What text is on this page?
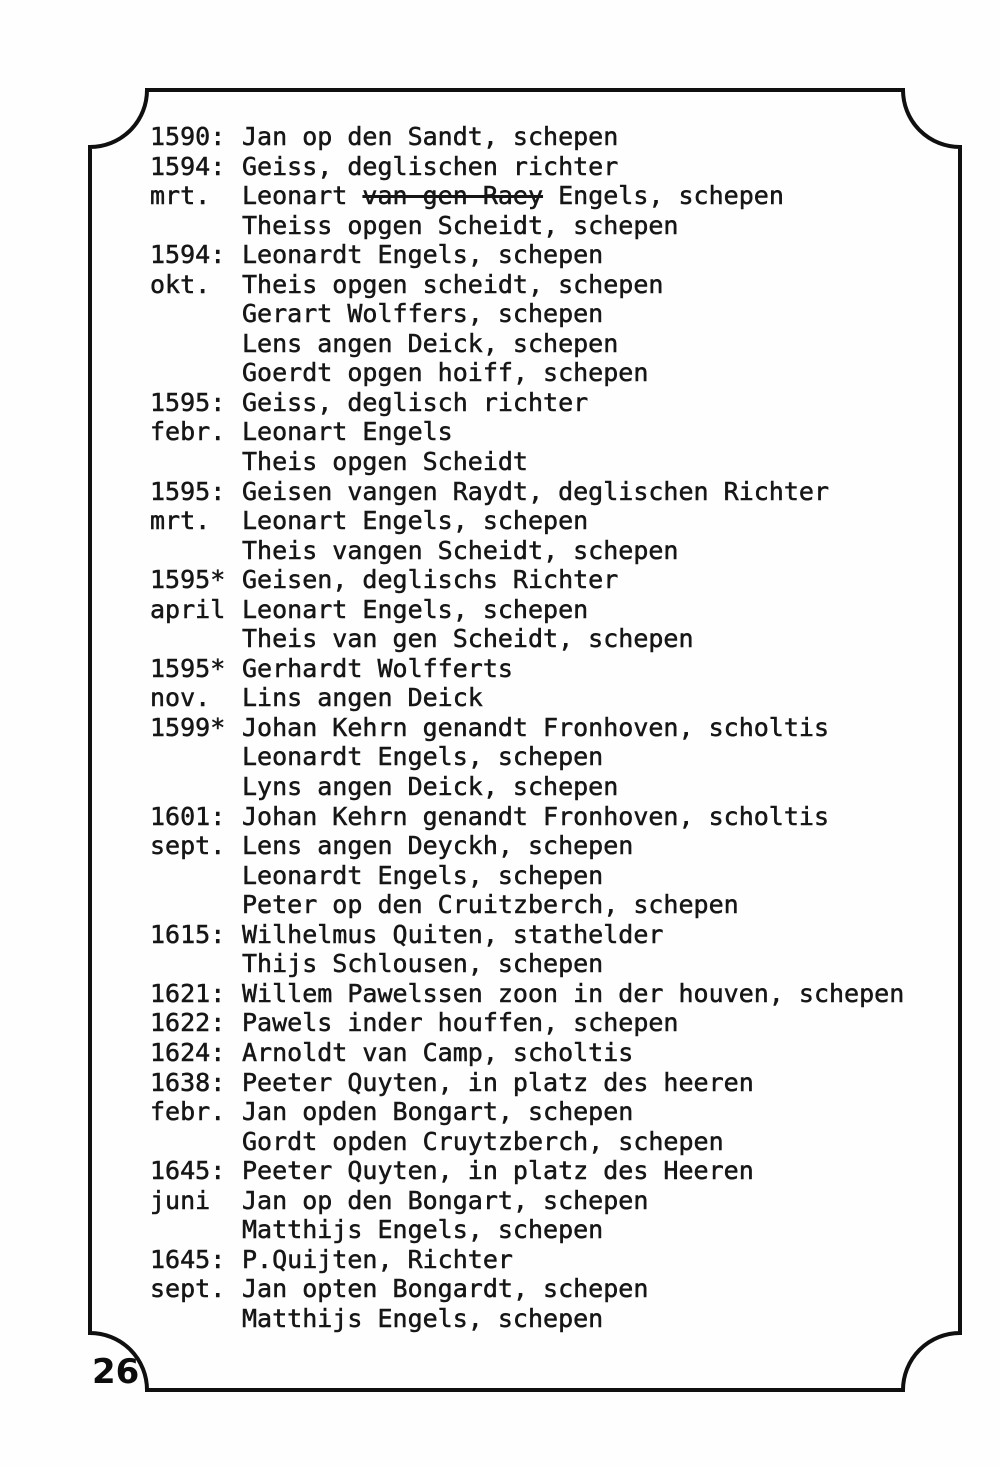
1590: Jan op den Sandt, schepen
1594: Geiss, deglischen richter
mrt.	Leonart van gen Raey Engels, schepen
Theiss opgen Scheidt, schepen
1594: Leonardt Engels, schepen
okt.	Theis opgen scheidt, schepen
Gerart Wolffers, schepen
Lens angen Deick, schepen
Goerdt opgen hoiff, schepen
1595: Geiss, deglisch richter
febr. Leonart Engels
Theis opgen Scheidt
1595: Geisen vangen Raydt, deglischen Richter
mrt.	Leonart Engels, schepen
Theis vangen Scheidt, schepen
1595* Geisen, deglischs Richter
april Leonart Engels, schepen
Theis van gen Scheidt, schepen
1595* Gerhardt Wolfferts
nov.	Lins angen Deick
1599* Johan Kehrn genandt Fronhoven, scholtis
Leonardt Engels, schepen
Lyns angen Deick, schepen
1601: Johan Kehrn genandt Fronhoven, scholtis
sept. Lens angen Deyckh, schepen
Leonardt Engels, schepen
Peter op den Cruitzberch, schepen
1615: Wilhelmus Quiten, stathelder
Thijs Schlousen, schepen
1621: Willem Pawelssen zoon in der houven, schepen
1622: Pawels inder houffen, schepen
1624: Arnoldt van Camp, scholtis
1638: Peeter Quyten, in platz des heeren
febr. Jan opden Bongart, schepen
Gordt opden Cruytzberch, schepen
1645: Peeter Quyten, in platz des Heeren
juni	Jan op den Bongart, schepen
Matthijs Engels, schepen
1645: P.Quijten, Richter
sept. Jan opten Bongardt, schepen
Matthijs Engels, schepen
26
